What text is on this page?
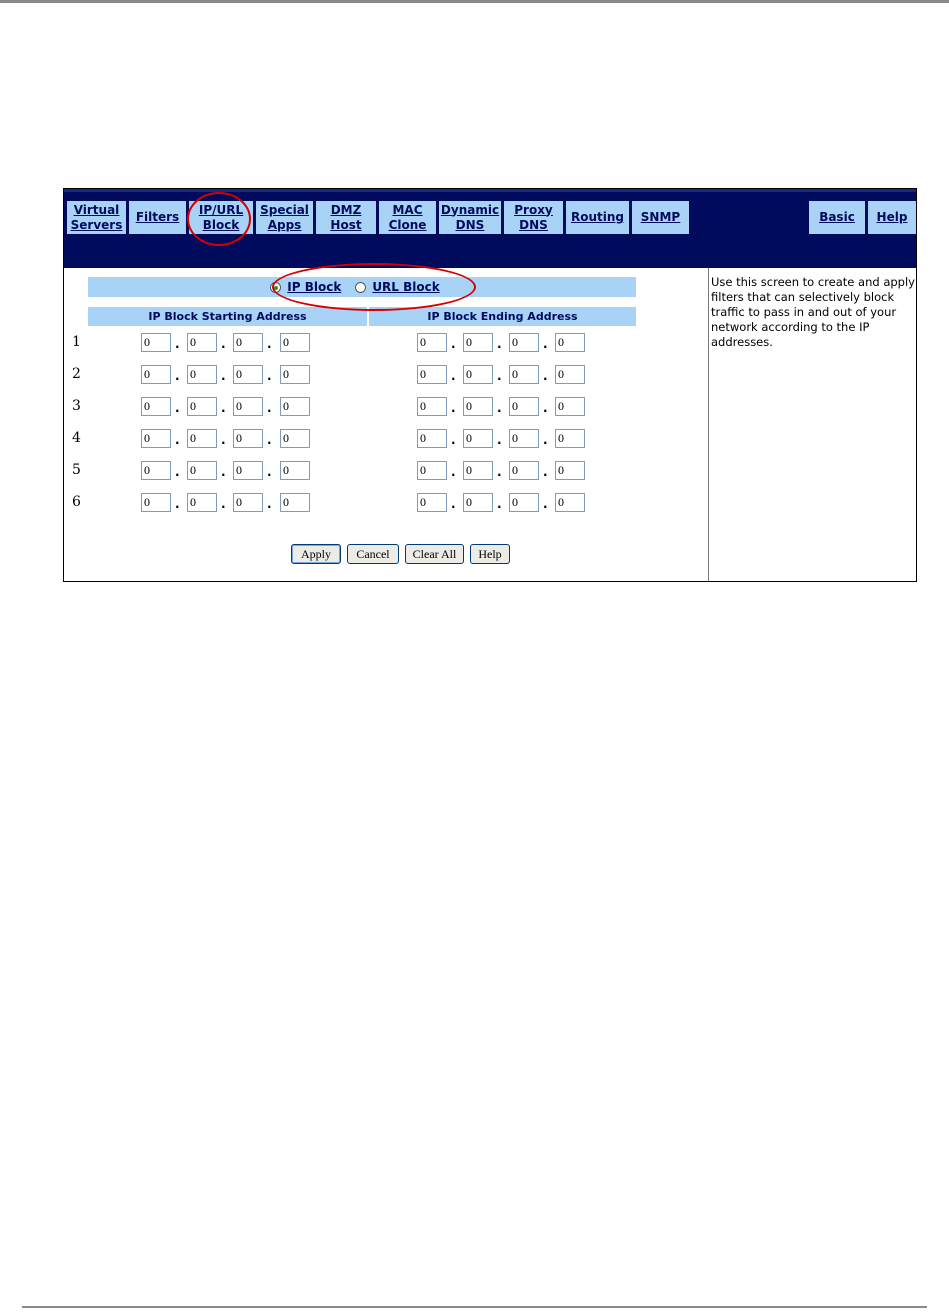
Virtual
Servers
Filters
IP/URL
Block
Special
Apps
DMZ
Host
MAC
Clone
Dynamic
DNS
Proxy
DNS
Routing SNMP	Basic Help
IP Block	URL Block
IP Block Starting Address	IP Block Ending Address
1	0	. 0	. 0	. 0	0	. 0	. 0	. 0
2	0	. 0	. 0	. 0	0	. 0	. 0	. 0
3	0	. 0	. 0	. 0	0	. 0	. 0	. 0
4	0	. 0	. 0	. 0	0	. 0	. 0	. 0
5	0	. 0	. 0	. 0	0	. 0	. 0	. 0
6	0	. 0	. 0	. 0	0	. 0	. 0	. 0
Apply	Cancel	Clear All	Help
Use this screen to create and apply filters that can selectively block traffic to pass in and out of your network according to the IP addresses.
